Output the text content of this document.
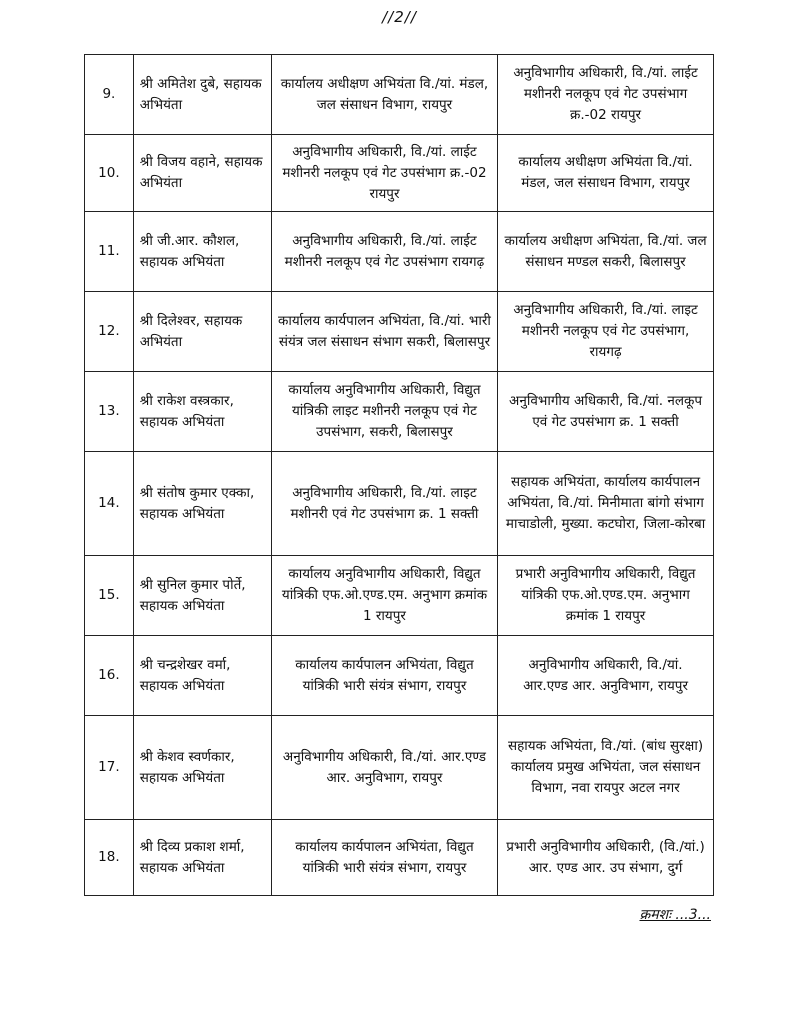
//2//
9.	श्री अमितेश दुबे, सहायक अभियंता	कार्यालय अधीक्षण अभियंता वि./यां. मंडल, जल संसाधन विभाग, रायपुर	अनुविभागीय अधिकारी, वि./यां. लाईट मशीनरी नलकूप एवं गेट उपसंभाग क्र.-02 रायपुर
10.	श्री विजय वहाने, सहायक अभियंता	अनुविभागीय अधिकारी, वि./यां. लाईट मशीनरी नलकूप एवं गेट उपसंभाग क्र.-02 रायपुर	कार्यालय अधीक्षण अभियंता वि./यां. मंडल, जल संसाधन विभाग, रायपुर
11.	श्री जी.आर. कौशल, सहायक अभियंता	अनुविभागीय अधिकारी, वि./यां. लाईट मशीनरी नलकूप एवं गेट उपसंभाग रायगढ़	कार्यालय अधीक्षण अभियंता, वि./यां. जल संसाधन मण्डल सकरी, बिलासपुर
12.	श्री दिलेश्वर, सहायक अभियंता	कार्यालय कार्यपालन अभियंता, वि./यां. भारी संयंत्र जल संसाधन संभाग सकरी, बिलासपुर	अनुविभागीय अधिकारी, वि./यां. लाइट मशीनरी नलकूप एवं गेट उपसंभाग, रायगढ़
13.	श्री राकेश वस्त्रकार, सहायक अभियंता	कार्यालय अनुविभागीय अधिकारी, विद्युत यांत्रिकी लाइट मशीनरी नलकूप एवं गेट उपसंभाग, सकरी, बिलासपुर	अनुविभागीय अधिकारी, वि./यां. नलकूप एवं गेट उपसंभाग क्र. 1 सक्ती
14.	श्री संतोष कुमार एक्का, सहायक अभियंता	अनुविभागीय अधिकारी, वि./यां. लाइट मशीनरी एवं गेट उपसंभाग क्र. 1 सक्ती	सहायक अभियंता, कार्यालय कार्यपालन अभियंता, वि./यां. मिनीमाता बांगो संभाग माचाडोली, मुख्या. कटघोरा, जिला-कोरबा
15.	श्री सुनिल कुमार पोर्ते, सहायक अभियंता	कार्यालय अनुविभागीय अधिकारी, विद्युत यांत्रिकी एफ.ओ.एण्ड.एम. अनुभाग क्रमांक 1 रायपुर	प्रभारी अनुविभागीय अधिकारी, विद्युत यांत्रिकी एफ.ओ.एण्ड.एम. अनुभाग क्रमांक 1 रायपुर
16.	श्री चन्द्रशेखर वर्मा, सहायक अभियंता	कार्यालय कार्यपालन अभियंता, विद्युत यांत्रिकी भारी संयंत्र संभाग, रायपुर	अनुविभागीय अधिकारी, वि./यां. आर.एण्ड आर. अनुविभाग, रायपुर
17.	श्री केशव स्वर्णकार, सहायक अभियंता	अनुविभागीय अधिकारी, वि./यां. आर.एण्ड आर. अनुविभाग, रायपुर	सहायक अभियंता, वि./यां. (बांध सुरक्षा) कार्यालय प्रमुख अभियंता, जल संसाधन विभाग, नवा रायपुर अटल नगर
18.	श्री दिव्य प्रकाश शर्मा, सहायक अभियंता	कार्यालय कार्यपालन अभियंता, विद्युत यांत्रिकी भारी संयंत्र संभाग, रायपुर	प्रभारी अनुविभागीय अधिकारी, (वि./यां.) आर. एण्ड आर. उप संभाग, दुर्ग
क्रमशः ...3...
